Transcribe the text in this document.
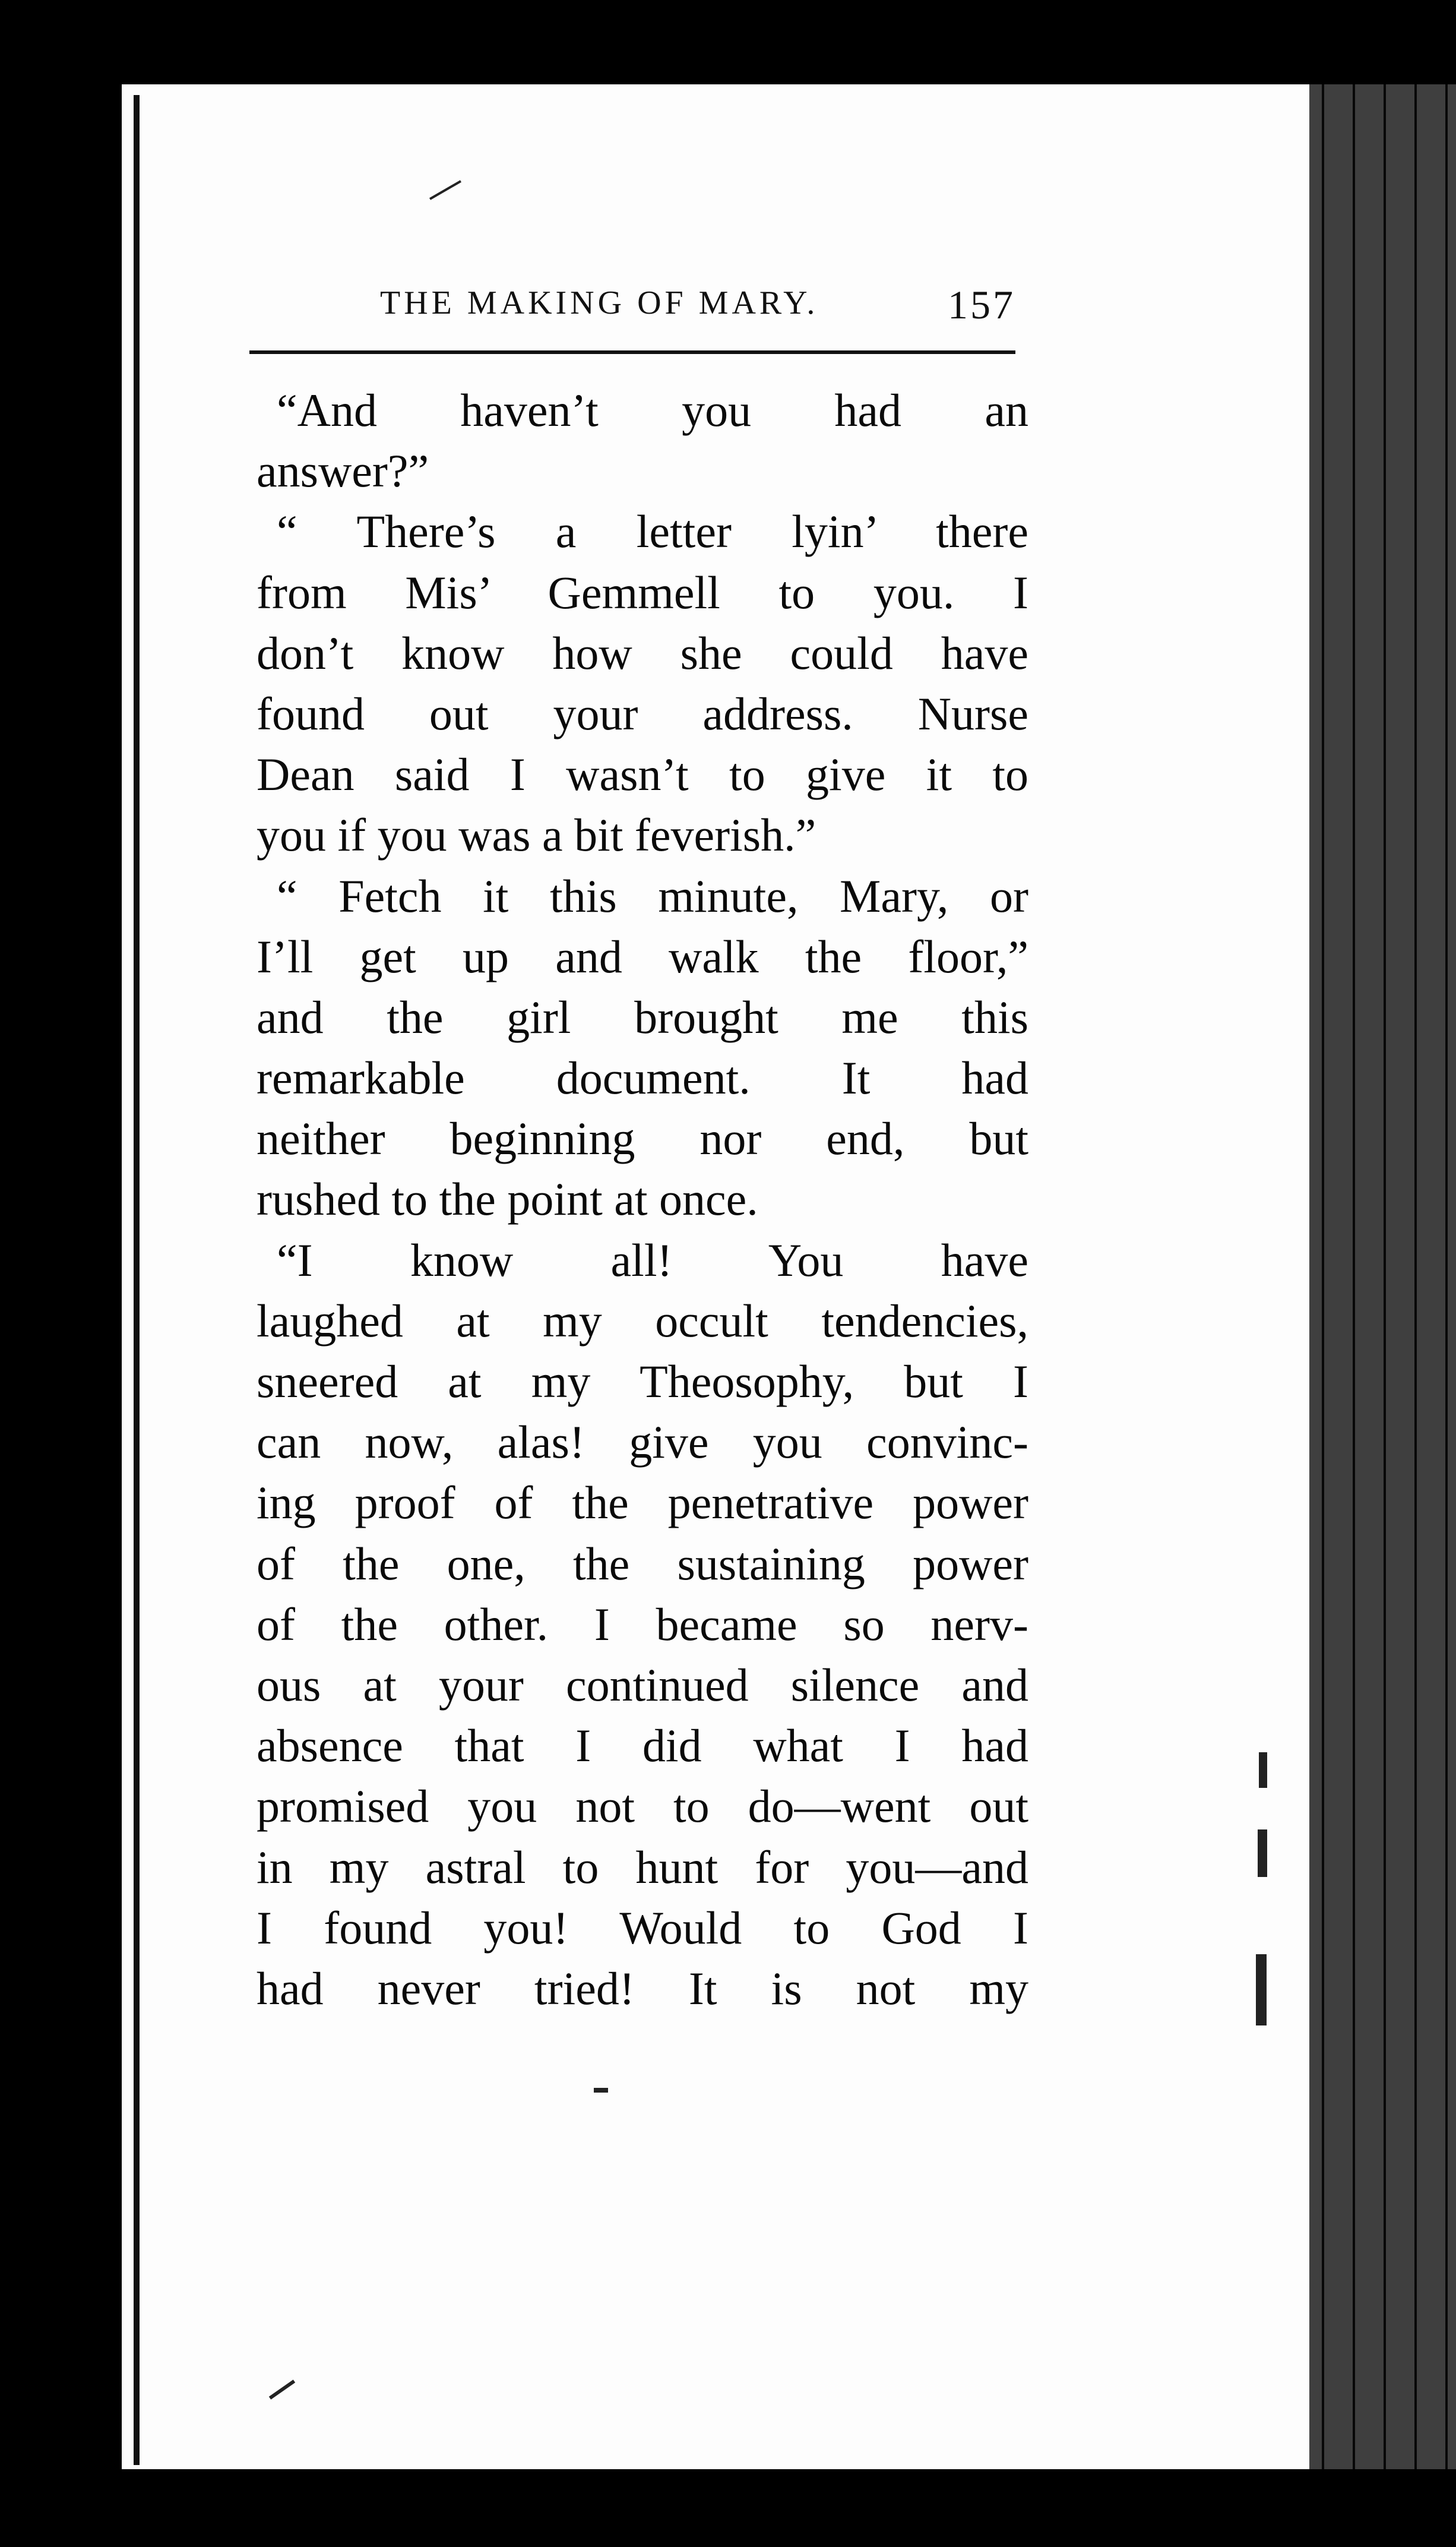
THE MAKING OF MARY.	157
“And haven’t you had an
answer?”
“ There’s a letter lyin’ there
from Mis’ Gemmell to you. I
don’t know how she could have
found out your address. Nurse
Dean said I wasn’t to give it to
you if you was a bit feverish.”
“ Fetch it this minute, Mary, or
I’ll get up and walk the floor,”
and the girl brought me this
remarkable document. It had
neither beginning nor end, but
rushed to the point at once.
“I know all! You have
laughed at my occult tendencies,
sneered at my Theosophy, but I
can now, alas! give you convinc-
ing proof of the penetrative power
of the one, the sustaining power
of the other. I became so nerv-
ous at your continued silence and
absence that I did what I had
promised you not to do—went out
in my astral to hunt for you—and
I found you! Would to God I
had never tried! It is not my
